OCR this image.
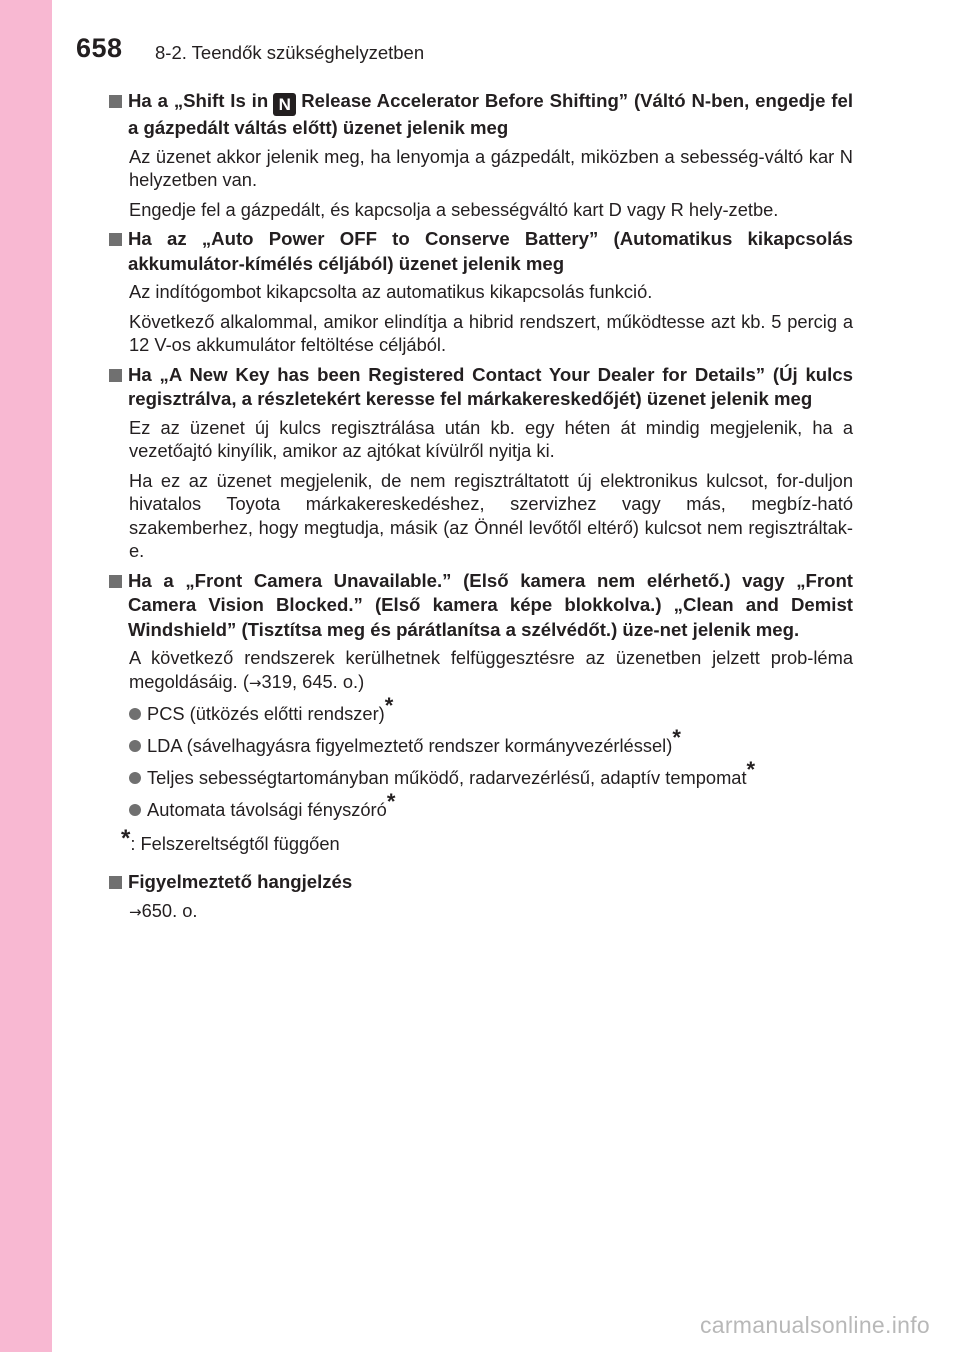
658 8-2. Teendők szükséghelyzetben
Ha a „Shift Is in N Release Accelerator Before Shifting” (Váltó N-ben, engedje fel a gázpedált váltás előtt) üzenet jelenik meg
Az üzenet akkor jelenik meg, ha lenyomja a gázpedált, miközben a sebesség-váltó kar N helyzetben van.
Engedje fel a gázpedált, és kapcsolja a sebességváltó kart D vagy R hely-zetbe.
Ha az „Auto Power OFF to Conserve Battery” (Automatikus kikapcsolás akkumulátor-kímélés céljából) üzenet jelenik meg
Az indítógombot kikapcsolta az automatikus kikapcsolás funkció.
Következő alkalommal, amikor elindítja a hibrid rendszert, működtesse azt kb. 5 percig a 12 V-os akkumulátor feltöltése céljából.
Ha „A New Key has been Registered Contact Your Dealer for Details” (Új kulcs regisztrálva, a részletekért keresse fel márkakereskedőjét) üzenet jelenik meg
Ez az üzenet új kulcs regisztrálása után kb. egy héten át mindig megjelenik, ha a vezetőajtó kinyílik, amikor az ajtókat kívülről nyitja ki.
Ha ez az üzenet megjelenik, de nem regisztráltatott új elektronikus kulcsot, for-duljon hivatalos Toyota márkakereskedéshez, szervizhez vagy más, megbíz-ható szakemberhez, hogy megtudja, másik (az Önnél levőtől eltérő) kulcsot nem regisztráltak-e.
Ha a „Front Camera Unavailable.” (Első kamera nem elérhető.) vagy „Front Camera Vision Blocked.” (Első kamera képe blokkolva.) „Clean and Demist Windshield” (Tisztítsa meg és párátlanítsa a szélvédőt.) üze-net jelenik meg.
A következő rendszerek kerülhetnek felfüggesztésre az üzenetben jelzett prob-léma megoldásáig. (→319, 645. o.)
PCS (ütközés előtti rendszer)*
LDA (sávelhagyásra figyelmeztető rendszer kormányvezérléssel)*
Teljes sebességtartományban működő, radarvezérlésű, adaptív tempomat*
Automata távolsági fényszóró*
*: Felszereltségtől függően
Figyelmeztető hangjelzés
→650. o.
carmanualsonline.info
